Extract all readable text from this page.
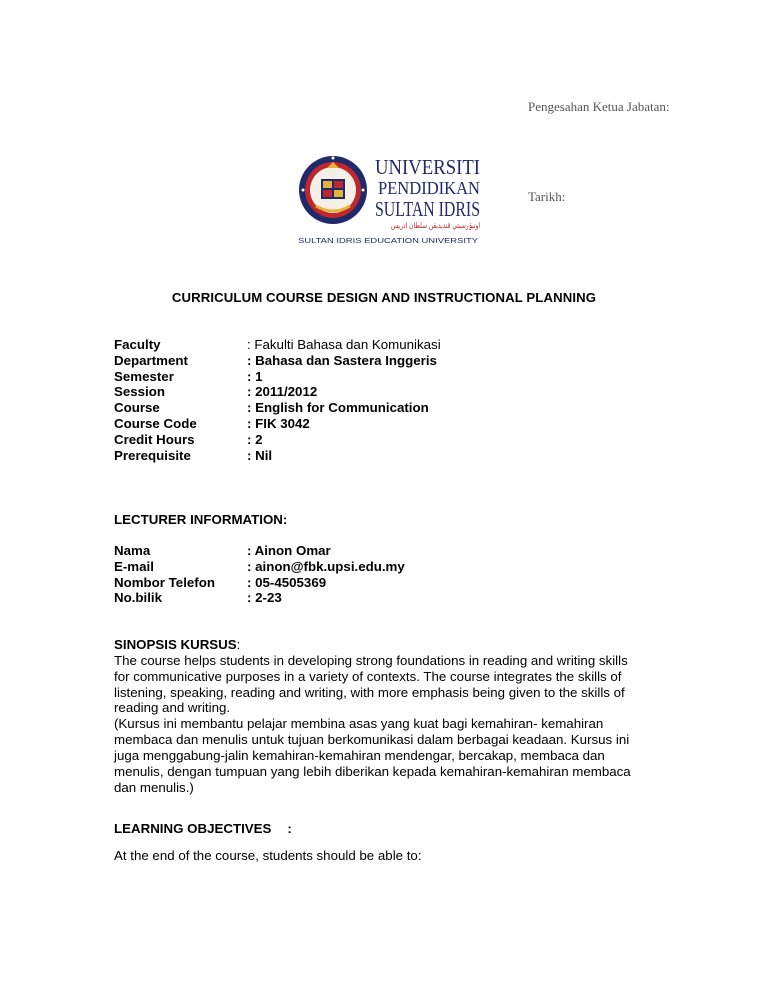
Pengesahan Ketua Jabatan:
Tarikh:
UNIVERSITI
PENDIDIKAN
SULTAN IDRIS
اونيۏرسيتي ڤنديديقن سلطان ادريس
SULTAN IDRIS EDUCATION UNIVERSITY
CURRICULUM COURSE DESIGN AND INSTRUCTIONAL PLANNING
Faculty	: Fakulti Bahasa dan Komunikasi
Department	: Bahasa dan Sastera Inggeris
Semester	: 1
Session	: 2011/2012
Course	: English for Communication
Course Code	: FIK 3042
Credit Hours	: 2
Prerequisite	: Nil
LECTURER INFORMATION:
Nama	: Ainon Omar
E-mail	: ainon@fbk.upsi.edu.my
Nombor Telefon : 05-4505369
No.bilik	: 2-23
SINOPSIS KURSUS:
The course helps students in developing strong foundations in reading and writing skills
for communicative purposes in a variety of contexts. The course integrates the skills of
listening, speaking, reading and writing, with more emphasis being given to the skills of
reading and writing.
(Kursus ini membantu pelajar membina asas yang kuat bagi kemahiran- kemahiran
membaca dan menulis untuk tujuan berkomunikasi dalam berbagai keadaan. Kursus ini
juga menggabung-jalin kemahiran-kemahiran mendengar, bercakap, membaca dan
menulis, dengan tumpuan yang lebih diberikan kepada kemahiran-kemahiran membaca
dan menulis.)
LEARNING OBJECTIVES :
At the end of the course, students should be able to:
